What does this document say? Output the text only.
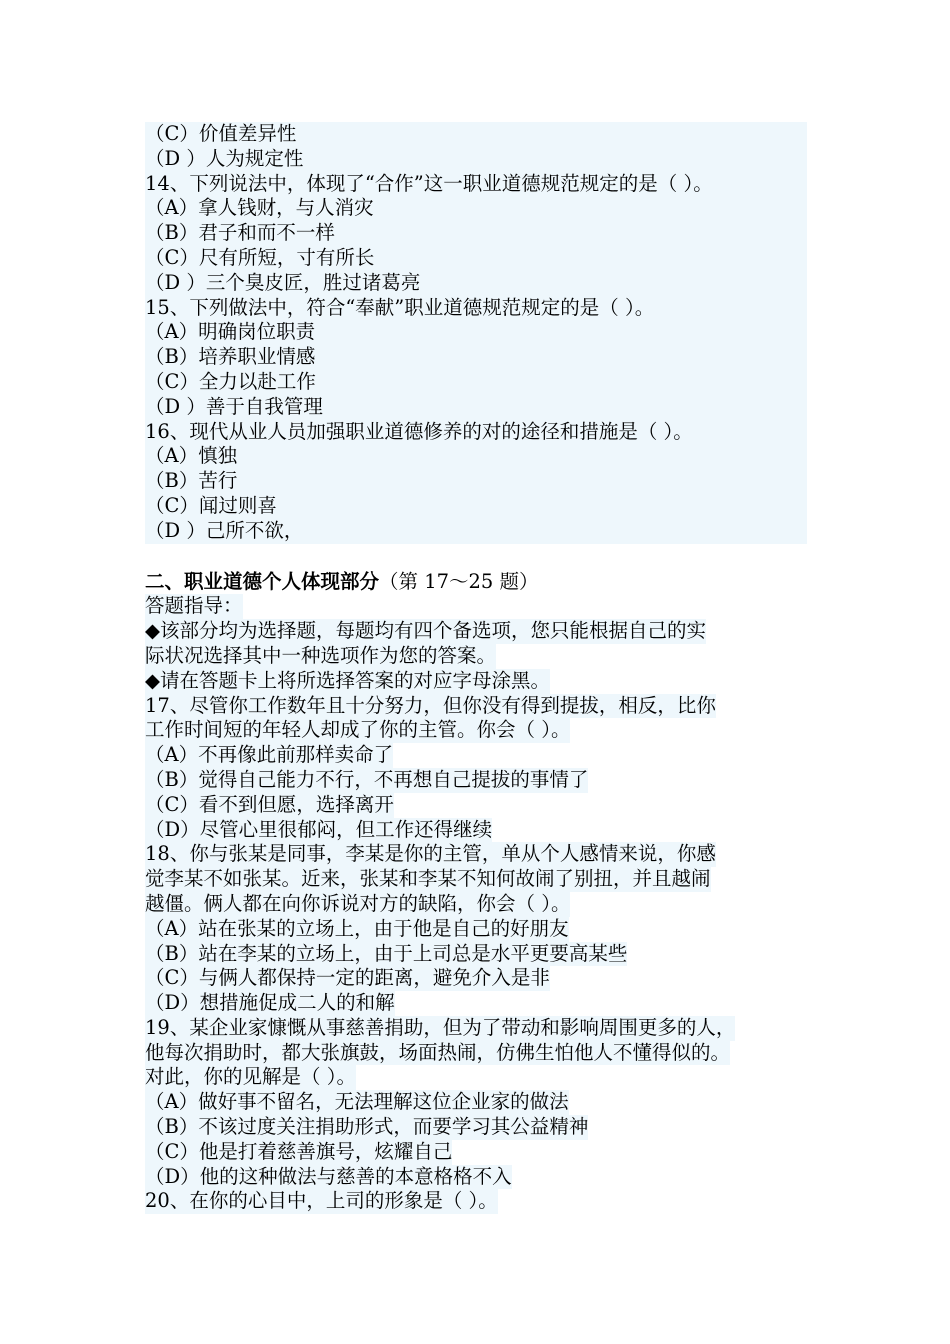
（C）价值差异性
（D ）人为规定性
14、下列说法中，体现了“合作”这一职业道德规范规定的是（ ）。
（A）拿人钱财，与人消灾
（B）君子和而不一样
（C）尺有所短，寸有所长
（D ）三个臭皮匠，胜过诸葛亮
15、下列做法中，符合“奉献”职业道德规范规定的是（ ）。
（A）明确岗位职责
（B）培养职业情感
（C）全力以赴工作
（D ）善于自我管理
16、现代从业人员加强职业道德修养的对的途径和措施是（ ）。
（A）慎独
（B）苦行
（C）闻过则喜
（D ）己所不欲，
二、职业道德个人体现部分（第 17～25 题）
答题指导：
◆该部分均为选择题，每题均有四个备选项，您只能根据自己的实
际状况选择其中一种选项作为您的答案。
◆请在答题卡上将所选择答案的对应字母涂黑。
17、尽管你工作数年且十分努力，但你没有得到提拔，相反，比你
工作时间短的年轻人却成了你的主管。你会（ ）。
（A）不再像此前那样卖命了
（B）觉得自己能力不行，不再想自己提拔的事情了
（C）看不到但愿，选择离开
（D）尽管心里很郁闷，但工作还得继续
18、你与张某是同事，李某是你的主管，单从个人感情来说，你感
觉李某不如张某。近来，张某和李某不知何故闹了别扭，并且越闹
越僵。俩人都在向你诉说对方的缺陷，你会（ ）。
（A）站在张某的立场上，由于他是自己的好朋友
（B）站在李某的立场上，由于上司总是水平更要高某些
（C）与俩人都保持一定的距离，避免介入是非
（D）想措施促成二人的和解
19、某企业家慷慨从事慈善捐助，但为了带动和影响周围更多的人，
他每次捐助时，都大张旗鼓，场面热闹，仿佛生怕他人不懂得似的。
对此，你的见解是（ ）。
（A）做好事不留名，无法理解这位企业家的做法
（B）不该过度关注捐助形式，而要学习其公益精神
（C）他是打着慈善旗号，炫耀自己
（D）他的这种做法与慈善的本意格格不入
20、在你的心目中，上司的形象是（ ）。
